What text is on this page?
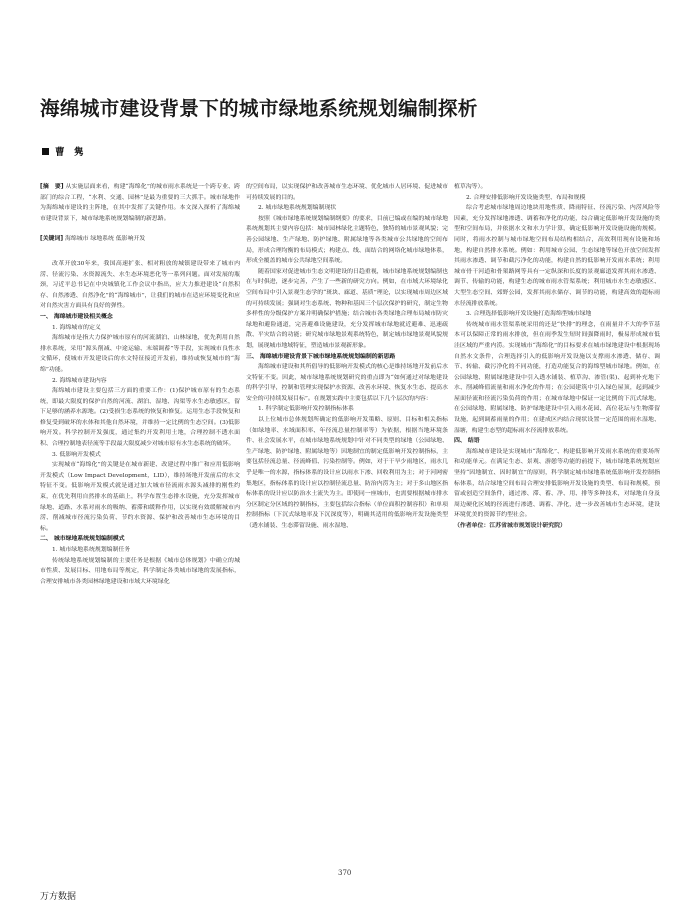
海绵城市建设背景下的城市绿地系统规划编制探析
曹　隽

[摘　要] 从实施层面来看，构建“海绵化”的城市雨水系统是一个跨专业、跨部门的综合工程，“水利、交通、园林”是最为重要的三大抓手。城市绿地作为海绵城市建设的主阵地，在其中发挥了关键作用。本文深入探析了海绵城市建设背景下，城市绿地系统规划编制的新思路。

[关键词] 海绵城市 绿地系统 低影响开发

改革开放30年来，我国高速扩张、相对粗放的城镇建设带来了城市内涝、径流污染、水资源流失、水生态环境恶化等一系列问题。面对发展的瓶颈，习近平总书记在中央城镇化工作会议中指出，应大力推进建设“自然积存、自然渗透、自然净化”的“海绵城市”，让我们的城市在适应环境变化和应对自然灾害方面具有良好的弹性。

一、 海绵城市建设相关概念

1. 海绵城市的定义

海绵城市是指大力保护城市原有的河流湖泊、山林绿地，优先利用自然排水系统，采用“源头削减、中途运输、末端调蓄”等手段，实现城市良性水文循环，使城市开发建设后的水文特征接近开发前，维持或恢复城市的“海绵”功能。

2. 海绵城市建设内容

海绵城市建设主要包括三方面的重要工作：(1)保护城市原有的生态系统，即最大限度的保护自然的河流、湖泊、湿地、沟渠等水生态敏感区，留下足够的涵养水源地。(2)受损生态系统的恢复和修复。运用生态手段恢复和修复受到破坏的水体和其他自然环境，并维持一定比例的生态空间。(3)低影响开发。科学控制开发强度，通过集约开发利用土地，合理控制不透水面积、合理控制地表径流等手段最大限度减少对城市原有水生态系统的破坏。

3. 低影响开发模式

实现城市“海绵化”的关键是在城市新建、改建过程中推广和应用低影响开发模式（Low Impact Development，LID），维持场地开发前后的水文特征不变。低影响开发模式就是通过加大城市径流雨水源头减排的刚性约束，在优先利用自然排水的基础上，科学布置生态排水设施，充分发挥城市绿地、道路、水系对雨水的吸纳、蓄滞和缓释作用，以实现有效缓解城市内涝、削减城市径流污染负荷、节约水资源、保护和改善城市生态环境的目标。

二、 城市绿地系统规划编制模式

1. 城市绿地系统规划编制任务

传统绿地系统规划编制的主要任务是根据《城市总体规划》中确立的城市性质、发展目标、用地布局等规定，科学制定各类城市绿地的发展指标，合理安排城市各类园林绿地建设和市域大环境绿化

的空间布局，以实现保护和改善城市生态环境、优化城市人居环境、促进城市可持续发展的目的。

2. 城市绿地系统规划编制现状

按照《城市绿地系统规划编制纲要》的要求，目前已编或在编的城市绿地系统规划其主要内容包括：城市园林绿化主题特色，独特的城市景观风貌；完善公园绿地、生产绿地、防护绿地、附属绿地等各类城市公共绿地的空间布局，形成合理均衡的布局模式；构建点、线、面结合的网络化城市绿地体系，形成全覆盖的城市公共绿地空间系统。

随着国家对促进城市生态文明建设的日趋重视，城市绿地系统规划编制也在与时俱进，逐步完善，产生了一些新的研究方向。例如，在市域大环境绿化空间布局中引入景观生态学的“斑块、廊道、基质”理论，以实现城市周边区域的可持续发展；强调对生态系统、物种和基因三个层次保护的研究，制定生物多样性的分级保护方案并明确保护措施；结合城市各类绿地合理布局城市防灾绿地和避险通道，完善避难设施建设，充分发挥城市绿地就近避难、迅速疏散、平灾结合的功能；研究城市绿地景观系统特色，制定城市绿地景观风貌规划，展现城市地域特征，塑造城市景观新形象。

三、 海绵城市建设背景下城市绿地系统规划编制的新思路

海绵城市建设和其所倡导的低影响开发模式的核心是维持场地开发前后水文特征不变。因此，城市绿地系统规划研究的重点即为“如何通过对绿地建设的科学引导，控制和管理实现保护水资源、改善水环境、恢复水生态、提高水安全的可持续发展目标”。在规划实践中主要包括以下几个层次的内容：

1. 科学制定低影响开发控制指标体系

以上位城市总体规划所确定的低影响开发策略、原则、目标和相关指标（如绿地率、水域面积率、年径流总量控制率等）为依据，根据当地环境条件、社会发展水平，在城市绿地系统规划中针对不同类型的绿地（公园绿地、生产绿地、防护绿地、附属绿地等）因地制宜的制定低影响开发控制指标，主要包括径流总量、径流峰值、污染控制等。例如，对于干旱少雨地区，雨水几乎是唯一的水源，指标体系的设计应以雨水下渗、回收利用为主；对于河网密集地区，指标体系的设计应以控制径流总量、防治内涝为主；对于多山地区指标体系的设计应以防治水土流失为主。即使同一座城市，也需要根据城市排水分区制定分区域的控制指标，主要包括综合指标（单位面积控制容积）和单项控制指标（下沉式绿地率及下沉深度等），明确其适用的低影响开发设施类型（透水铺装、生态滞留设施、雨水湿地、

植草沟等）。

2. 合理安排低影响开发设施类型、布局和规模

综合考虑城市绿地周边地块用地性质、降雨特征、径流污染、内涝风险等因素，充分发挥绿地渗透、调蓄和净化的功能，综合确定低影响开发设施的类型和空间布局，并依据水文和水力学计算，确定低影响开发设施设施的规模。同时，将雨水控制与城市绿地空间布局结构相结合，高效利用现有设施和场地，构建自然排水系统。例如：利用城市公园、生态绿地等绿色开放空间发挥其雨水渗透、调节和截污净化的功能，构建自然的低影响开发雨水系统；利用城市骨干河道和骨架路网等具有一定纵深和长度的景观廊道发挥其雨水渗透、调节、传输的功能，构建生态的城市雨水管渠系统；利用城市水生态敏感区、大型生态空间、郊野公园，发挥其雨水储存、调节的功能，构建高效的超标雨水径流排放系统。

3. 合理选择低影响开发设施打造海绵型城市绿地

传统城市雨水管渠系统采用的还是“快排”的理念，在雨量并不大的季节基本可以保障正常的雨水排放，但在雨季发生短时间强降雨时，极易形成城市低洼区域的严重内涝。实现城市“海绵化”的目标要求在城市绿地建设中根据现场自然水文条件，合理选择引入的低影响开发设施以支撑雨水渗透、储存、调节、转输、截污净化的不同功能，打造功能复合的海绵型城市绿地。例如，在公园绿地、附属绿地建设中引入透水铺装、植草沟、渗管(渠)、起到补充地下水、削减峰值流量和雨水净化的作用；在公园建筑中引入绿色屋顶，起到减少屋面径流和径流污染负荷的作用；在城市绿地中保证一定比例的下沉式绿地，在公园绿地、附属绿地、防护绿地建设中引入雨水花园、高位花坛与生物滞留设施，起到调蓄雨量的作用；在建成区内结合现状设置一定范围的雨水湿地、湿塘，构建生态型的超标雨水径流排放系统。

四、 结语

海绵城市建设是实现城市“海绵化”、构建低影响开发雨水系统的重要场所和功能单元。在满足生态、景观、游憩等功能的前提下，城市绿地系统规划应坚持“因地制宜、因时制宜”的原则，科学制定城市绿地系统低影响开发控制指标体系，结合绿地空间布局合理安排低影响开发设施的类型、布局和规模，预留或创造空间条件，通过渗、滞、蓄、净、用、排等多种技术，对绿地自身及周边硬化区域的径流进行渗透、调蓄、净化，进一步改善城市生态环境，建设环境优美的资源节约型社会。

（作者单位：江苏省城市规划设计研究院）

370
万方数据
